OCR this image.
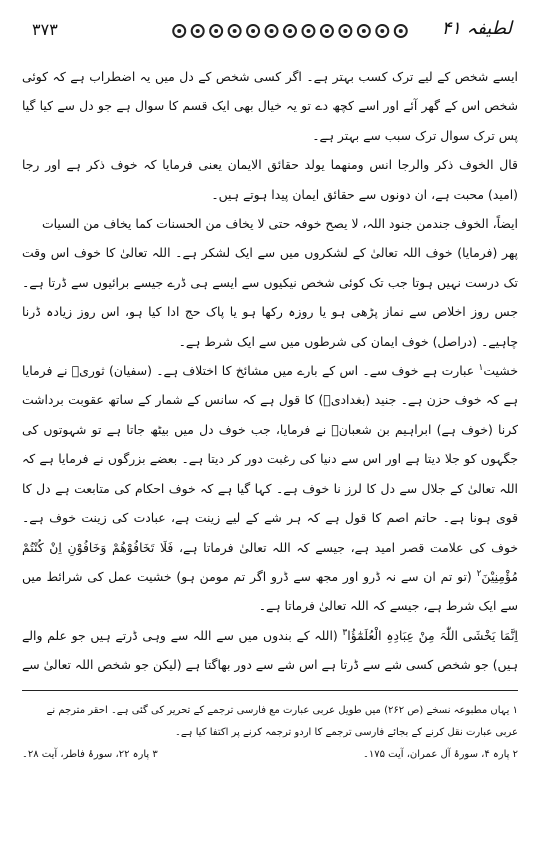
۳۷۳	لطیفہ ۴۱

ایسے شخص کے لیے ترک کسب بہتر ہے۔ اگر کسی شخص کے دل میں یہ اضطراب ہے کہ کوئی شخص اس کے گھر آئے اور اسے کچھ دے تو یہ خیال بھی ایک قسم کا سوال ہے جو دل سے کیا گیا پس ترک سوال ترک سبب سے بہتر ہے۔

قال الخوف ذکر والرجا انس ومنھما یولد حقائق الایمان یعنی فرمایا کہ خوف ذکر ہے اور رجا (امید) محبت ہے، ان دونوں سے حقائق ایمان پیدا ہوتے ہیں۔

ایضاً، الخوف جندمن جنود اللہ، لا یصح خوفہ حتی لا یخاف من الحسنات کما یخاف من السیات

پھر (فرمایا) خوف اللہ تعالیٰ کے لشکروں میں سے ایک لشکر ہے۔ اللہ تعالیٰ کا خوف اس وقت تک درست نہیں ہوتا جب تک کوئی شخص نیکیوں سے ایسے ہی ڈرے جیسے برائیوں سے ڈرتا ہے۔ جس روز اخلاص سے نماز پڑھی ہو یا روزہ رکھا ہو یا پاک حج ادا کیا ہو، اس روز زیادہ ڈرنا چاہیے۔ (دراصل) خوف ایمان کی شرطوں میں سے ایک شرط ہے۔

خشیت$^۱$ عبارت ہے خوف سے۔ اس کے بارے میں مشائخ کا اختلاف ہے۔ (سفیان) ثوریؒ نے فرمایا ہے کہ خوف حزن ہے۔ جنید (بغدادیؒ) کا قول ہے کہ سانس کے شمار کے ساتھ عقوبت برداشت کرنا (خوف ہے) ابراہیم بن شعبانؒ نے فرمایا، جب خوف دل میں بیٹھ جاتا ہے تو شہوتوں کی جگہوں کو جلا دیتا ہے اور اس سے دنیا کی رغبت دور کر دیتا ہے۔ بعضے بزرگوں نے فرمایا ہے کہ اللہ تعالیٰ کے جلال سے دل کا لرز نا خوف ہے۔ کہا گیا ہے کہ خوف احکام کی متابعت ہے دل کا قوی ہونا ہے۔ حاتم اصم کا قول ہے کہ ہر شے کے لیے زینت ہے، عبادت کی زینت خوف ہے۔ خوف کی علامت قصر امید ہے، جیسے کہ اللہ تعالیٰ فرماتا ہے، فَلَا تَخَافُوْھُمْ وَخَافُوْنِ اِنْ کُنْتُمْ مُؤْمِنِیْنَ$^۲$ (تو تم ان سے نہ ڈرو اور مجھ سے ڈرو اگر تم مومن ہو) خشیت عمل کی شرائط میں سے ایک شرط ہے، جیسے کہ اللہ تعالیٰ فرماتا ہے۔

اِنَّمَا یَخْشَی اللّٰہَ مِنْ عِبَادِہِ الْعُلَمٰٓؤُا$^۳$ (اللہ کے بندوں میں سے اللہ سے وہی ڈرتے ہیں جو علم والے ہیں) جو شخص کسی شے سے ڈرتا ہے اس شے سے دور بھاگتا ہے (لیکن جو شخص اللہ تعالیٰ سے

۱ یہاں مطبوعہ نسخے (ص ۲۶۲) میں طویل عربی عبارت مع فارسی ترجمے کے تحریر کی گئی ہے۔ احقر مترجم نے عربی عبارت نقل کرنے کے بجائے فارسی ترجمے کا اردو ترجمہ کرنے پر اکتفا کیا ہے۔

۲ پارہ ۴، سورۂ آل عمران، آیت ۱۷۵۔
۳ پارہ ۲۲، سورۂ فاطر، آیت ۲۸۔
